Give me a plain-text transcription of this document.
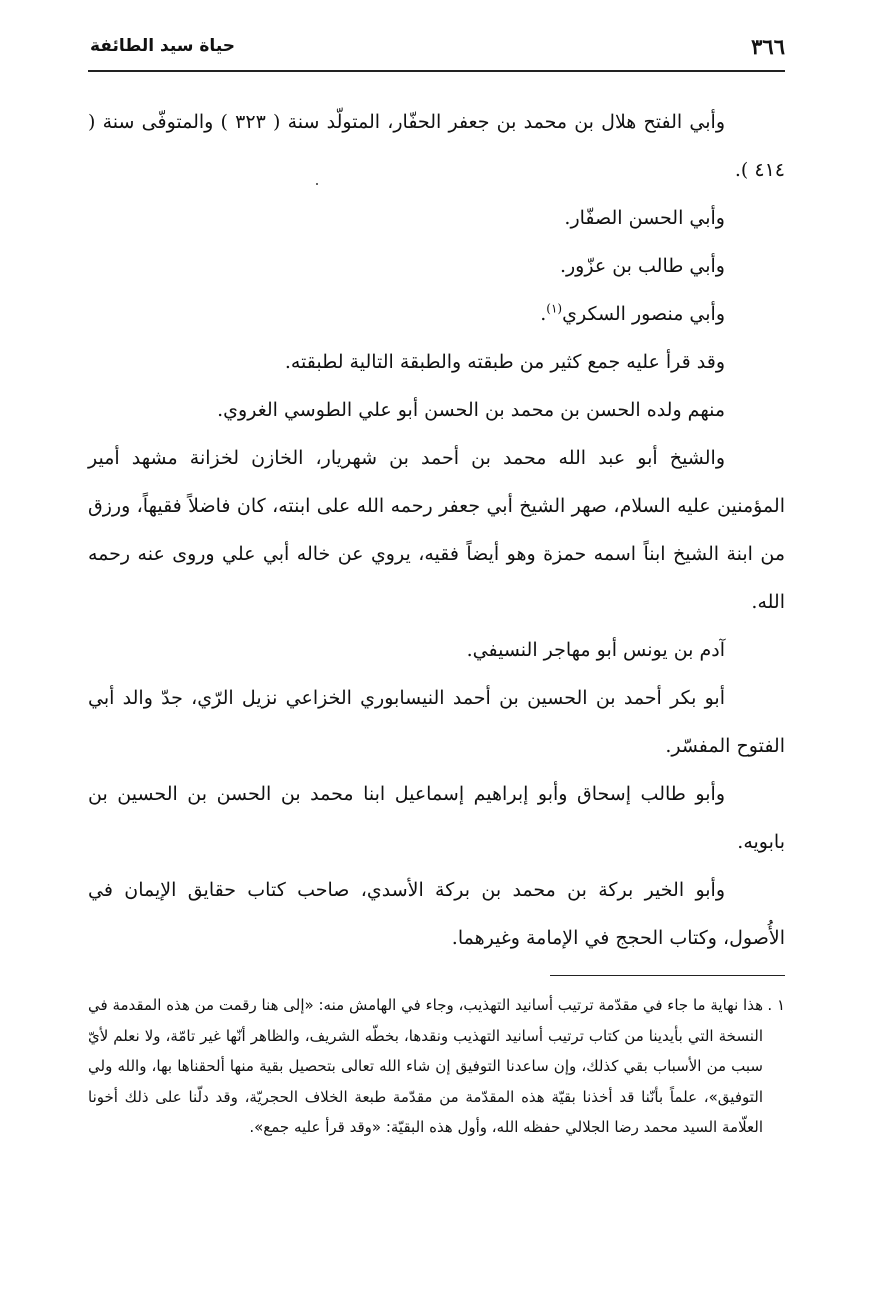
٣٦٦
حياة سيد الطائفة

وأبي الفتح هلال بن محمد بن جعفر الحفّار، المتولّد سنة ( ٣٢٣ ) والمتوفّى سنة ( ٤١٤ ).

وأبي الحسن الصفّار.

وأبي طالب بن عزّور.

وأبي منصور السكري$^{(١)}$.

وقد قرأ عليه جمع كثير من طبقته والطبقة التالية لطبقته.

منهم ولده الحسن بن محمد بن الحسن أبو علي الطوسي الغروي.

والشيخ أبو عبد الله محمد بن أحمد بن شهريار، الخازن لخزانة مشهد أمير المؤمنين عليه السلام، صهر الشيخ أبي جعفر رحمه الله على ابنته، كان فاضلاً فقيهاً، ورزق من ابنة الشيخ ابناً اسمه حمزة وهو أيضاً فقيه، يروي عن خاله أبي علي وروى عنه رحمه الله.

آدم بن يونس أبو مهاجر النسيفي.

أبو بكر أحمد بن الحسين بن أحمد النيسابوري الخزاعي نزيل الرّي، جدّ والد أبي الفتوح المفسّر.

وأبو طالب إسحاق وأبو إبراهيم إسماعيل ابنا محمد بن الحسن بن الحسين بن بابويه.

وأبو الخير بركة بن محمد بن بركة الأسدي، صاحب كتاب حقايق الإيمان في الأُصول، وكتاب الحجج في الإمامة وغيرهما.

١ .
هذا نهاية ما جاء في مقدّمة ترتيب أسانيد التهذيب، وجاء في الهامش منه: «إلى هنا رقمت من هذه المقدمة في النسخة التي بأيدينا من كتاب ترتيب أسانيد التهذيب ونقدها، بخطّه الشريف، والظاهر أنّها غير تامّة، ولا نعلم لأيّ سبب من الأسباب بقي كذلك، وإن ساعدنا التوفيق إن شاء الله تعالى بتحصيل بقية منها ألحقناها بها، والله ولي التوفيق»، علماً بأنّنا قد أخذنا بقيّة هذه المقدّمة من مقدّمة طبعة الخلاف الحجريّة، وقد دلّنا على ذلك أخونا العلّامة السيد محمد رضا الجلالي حفظه الله، وأول هذه البقيّة: «وقد قرأ عليه جمع».
